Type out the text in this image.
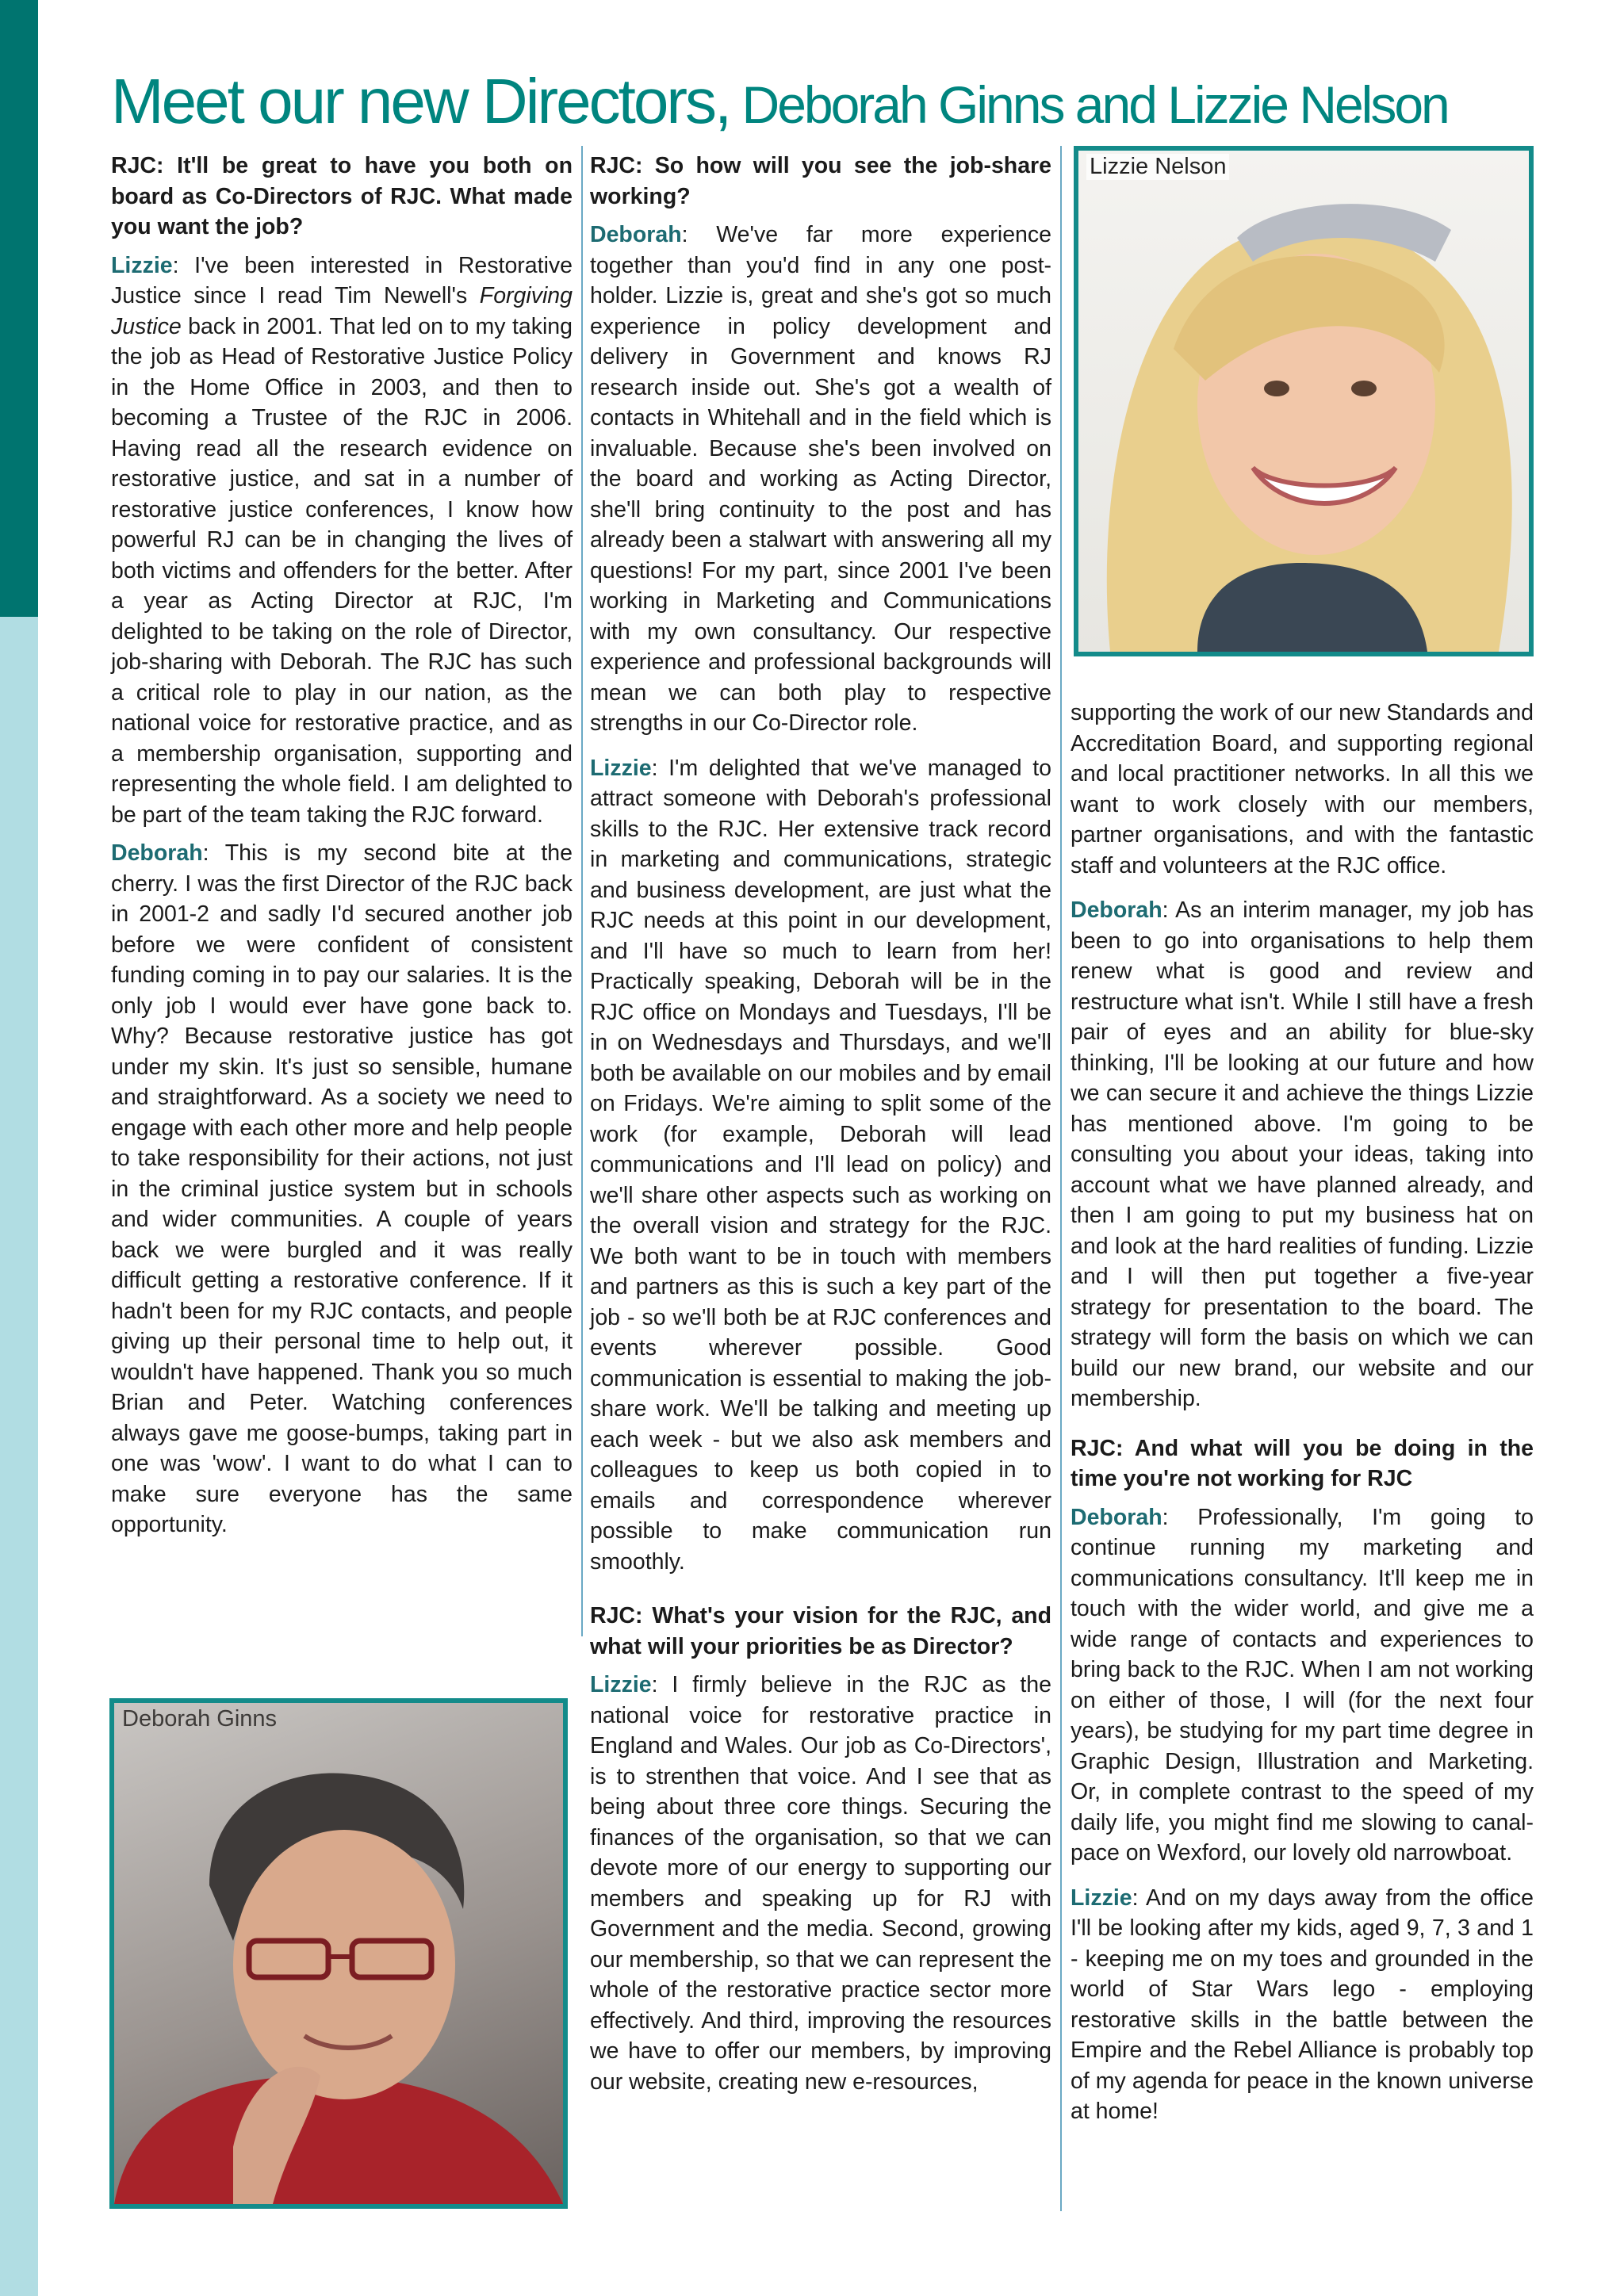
Meet our new Directors, Deborah Ginns and Lizzie Nelson

RJC: It'll be great to have you both on board as Co-Directors of RJC. What made you want the job?

Lizzie: I've been interested in Restorative Justice since I read Tim Newell's Forgiving Justice back in 2001. That led on to my taking the job as Head of Restorative Justice Policy in the Home Office in 2003, and then to becoming a Trustee of the RJC in 2006. Having read all the research evidence on restorative justice, and sat in a number of restorative justice conferences, I know how powerful RJ can be in changing the lives of both victims and offenders for the better. After a year as Acting Director at RJC, I'm delighted to be taking on the role of Director, job-sharing with Deborah. The RJC has such a critical role to play in our nation, as the national voice for restorative practice, and as a membership organisation, supporting and representing the whole field. I am delighted to be part of the team taking the RJC forward.

Deborah: This is my second bite at the cherry. I was the first Director of the RJC back in 2001-2 and sadly I'd secured another job before we were confident of consistent funding coming in to pay our salaries. It is the only job I would ever have gone back to. Why? Because restorative justice has got under my skin. It's just so sensible, humane and straightforward. As a society we need to engage with each other more and help people to take responsibility for their actions, not just in the criminal justice system but in schools and wider communities. A couple of years back we were burgled and it was really difficult getting a restorative conference. If it hadn't been for my RJC contacts, and people giving up their personal time to help out, it wouldn't have happened. Thank you so much Brian and Peter. Watching conferences always gave me goose-bumps, taking part in one was 'wow'. I want to do what I can to make sure everyone has the same opportunity.

RJC: So how will you see the job-share working?

Deborah: We've far more experience together than you'd find in any one post-holder. Lizzie is, great and she's got so much experience in policy development and delivery in Government and knows RJ research inside out. She's got a wealth of contacts in Whitehall and in the field which is invaluable. Because she's been involved on the board and working as Acting Director, she'll bring continuity to the post and has already been a stalwart with answering all my questions! For my part, since 2001 I've been working in Marketing and Communications with my own consultancy. Our respective experience and professional backgrounds will mean we can both play to respective strengths in our Co-Director role.

Lizzie: I'm delighted that we've managed to attract someone with Deborah's professional skills to the RJC. Her extensive track record in marketing and communications, strategic and business development, are just what the RJC needs at this point in our development, and I'll have so much to learn from her! Practically speaking, Deborah will be in the RJC office on Mondays and Tuesdays, I'll be in on Wednesdays and Thursdays, and we'll both be available on our mobiles and by email on Fridays. We're aiming to split some of the work (for example, Deborah will lead communications and I'll lead on policy) and we'll share other aspects such as working on the overall vision and strategy for the RJC. We both want to be in touch with members and partners as this is such a key part of the job - so we'll both be at RJC conferences and events wherever possible. Good communication is essential to making the job-share work. We'll be talking and meeting up each week - but we also ask members and colleagues to keep us both copied in to emails and correspondence wherever possible to make communication run smoothly.

RJC: What's your vision for the RJC, and what will your priorities be as Director?

Lizzie: I firmly believe in the RJC as the national voice for restorative practice in England and Wales. Our job as Co-Directors', is to strenthen that voice. And I see that as being about three core things. Securing the finances of the organisation, so that we can devote more of our energy to supporting our members and speaking up for RJ with Government and the media. Second, growing our membership, so that we can represent the whole of the restorative practice sector more effectively. And third, improving the resources we have to offer our members, by improving our website, creating new e-resources,

supporting the work of our new Standards and Accreditation Board, and supporting regional and local practitioner networks. In all this we want to work closely with our members, partner organisations, and with the fantastic staff and volunteers at the RJC office.

Deborah: As an interim manager, my job has been to go into organisations to help them renew what is good and review and restructure what isn't. While I still have a fresh pair of eyes and an ability for blue-sky thinking, I'll be looking at our future and how we can secure it and achieve the things Lizzie has mentioned above. I'm going to be consulting you about your ideas, taking into account what we have planned already, and then I am going to put my business hat on and look at the hard realities of funding. Lizzie and I will then put together a five-year strategy for presentation to the board. The strategy will form the basis on which we can build our new brand, our website and our membership.

RJC: And what will you be doing in the time you're not working for RJC

Deborah: Professionally, I'm going to continue running my marketing and communications consultancy. It'll keep me in touch with the wider world, and give me a wide range of contacts and experiences to bring back to the RJC. When I am not working on either of those, I will (for the next four years), be studying for my part time degree in Graphic Design, Illustration and Marketing. Or, in complete contrast to the speed of my daily life, you might find me slowing to canal-pace on Wexford, our lovely old narrowboat.

Lizzie: And on my days away from the office I'll be looking after my kids, aged 9, 7, 3 and 1 - keeping me on my toes and grounded in the world of Star Wars lego - employing restorative skills in the battle between the Empire and the Rebel Alliance is probably top of my agenda for peace in the known universe at home!

Lizzie Nelson
Deborah Ginns
